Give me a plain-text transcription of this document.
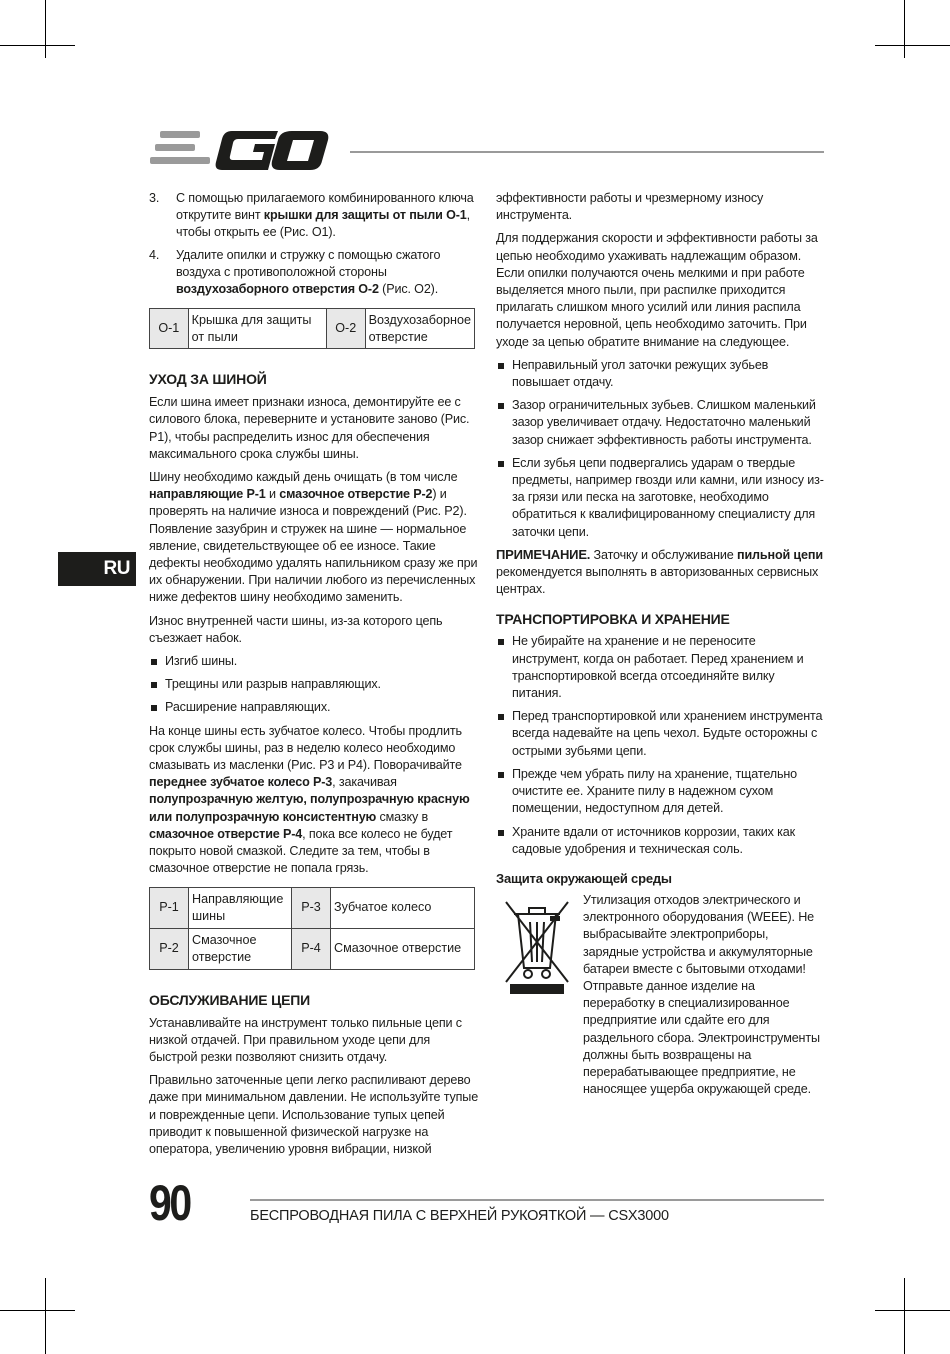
RU
3. С помощью прилагаемого комбинированного ключа открутите винт крышки для защиты от пыли O-1, чтобы открыть ее (Рис. O1).
4. Удалите опилки и стружку с помощью сжатого воздуха с противоположной стороны воздухозаборного отверстия O-2 (Рис. O2).
O-1	Крышка для защиты от пыли	O-2	Воздухозаборное отверстие
УХОД ЗА ШИНОЙ

Если шина имеет признаки износа, демонтируйте ее с силового блока, переверните и установите заново (Рис. P1), чтобы распределить износ для обеспечения максимального срока службы шины.

Шину необходимо каждый день очищать (в том числе направляющие P-1 и смазочное отверстие P-2) и проверять на наличие износа и повреждений (Рис. P2). Появление зазубрин и стружек на шине — нормальное явление, свидетельствующее об ее износе. Такие дефекты необходимо удалять напильником сразу же при их обнаружении. При наличии любого из перечисленных ниже дефектов шину необходимо заменить.

Износ внутренней части шины, из-за которого цепь съезжает набок.

Изгиб шины.
Трещины или разрыв направляющих.
Расширение направляющих.

На конце шины есть зубчатое колесо. Чтобы продлить срок службы шины, раз в неделю колесо необходимо смазывать из масленки (Рис. P3 и P4). Поворачивайте переднее зубчатое колесо P-3, закачивая полупрозрачную желтую, полупрозрачную красную или полупрозрачную консистентную смазку в смазочное отверстие P-4, пока все колесо не будет покрыто новой смазкой. Следите за тем, чтобы в смазочное отверстие не попала грязь.

P-1	Направляющие шины	P-3	Зубчатое колесо
P-2	Смазочное отверстие	P-4	Смазочное отверстие
ОБСЛУЖИВАНИЕ ЦЕПИ

Устанавливайте на инструмент только пильные цепи с низкой отдачей. При правильном уходе цепи для быстрой резки позволяют снизить отдачу.

Правильно заточенные цепи легко распиливают дерево даже при минимальном давлении. Не используйте тупые и поврежденные цепи. Использование тупых цепей приводит к повышенной физической нагрузке на оператора, увеличению уровня вибрации, низкой

эффективности работы и чрезмерному износу инструмента.

Для поддержания скорости и эффективности работы за цепью необходимо ухаживать надлежащим образом. Если опилки получаются очень мелкими и при работе выделяется много пыли, при распилке приходится прилагать слишком много усилий или линия распила получается неровной, цепь необходимо заточить. При уходе за цепью обратите внимание на следующее.

Неправильный угол заточки режущих зубьев повышает отдачу.
Зазор ограничительных зубьев. Слишком маленький зазор увеличивает отдачу. Недостаточно маленький зазор снижает эффективность работы инструмента.
Если зубья цепи подвергались ударам о твердые предметы, например гвозди или камни, или износу из-за грязи или песка на заготовке, необходимо обратиться к квалифицированному специалисту для заточки цепи.

ПРИМЕЧАНИЕ. Заточку и обслуживание пильной цепи рекомендуется выполнять в авторизованных сервисных центрах.

ТРАНСПОРТИРОВКА И ХРАНЕНИЕ
Не убирайте на хранение и не переносите инструмент, когда он работает. Перед хранением и транспортировкой всегда отсоединяйте вилку питания.
Перед транспортировкой или хранением инструмента всегда надевайте на цепь чехол. Будьте осторожны с острыми зубьями цепи.
Прежде чем убрать пилу на хранение, тщательно очистите ее. Храните пилу в надежном сухом помещении, недоступном для детей.
Храните вдали от источников коррозии, таких как садовые удобрения и техническая соль.
Защита окружающей среды

Утилизация отходов электрического и электронного оборудования (WEEE). Не выбрасывайте электроприборы, зарядные устройства и аккумуляторные батареи вместе с бытовыми отходами! Отправьте данное изделие на переработку в специализированное предприятие или сдайте его для раздельного сбора. Электроинструменты должны быть возвращены на перерабатывающее предприятие, не наносящее ущерба окружающей среде.

90	БЕСПРОВОДНАЯ ПИЛА С ВЕРХНЕЙ РУКОЯТКОЙ — CSX3000
